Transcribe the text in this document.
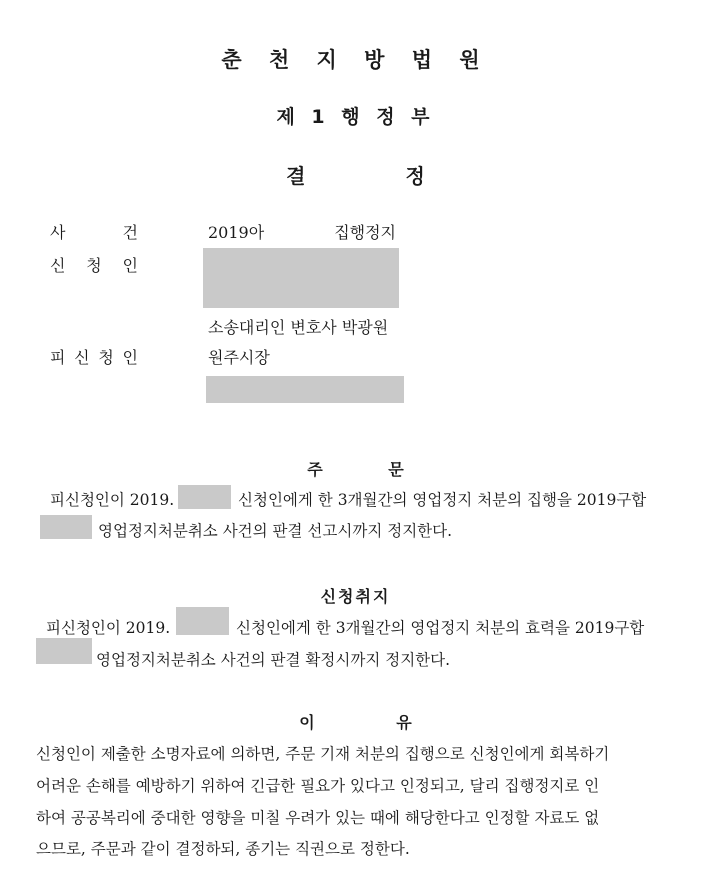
춘 천 지 방 법 원
제 1 행 정 부
결	정
사	건	2019아	집행정지
신 청 인
소송대리인 변호사 박광원
피 신 청 인	원주시장
주 문
피신청인이 2019.	신청인에게 한 3개월간의 영업정지 처분의 집행을 2019구합
영업정지처분취소 사건의 판결 선고시까지 정지한다.
신청취지
피신청인이 2019.	신청인에게 한 3개월간의 영업정지 처분의 효력을 2019구합
영업정지처분취소 사건의 판결 확정시까지 정지한다.
이 유
신청인이 제출한 소명자료에 의하면, 주문 기재 처분의 집행으로 신청인에게 회복하기
어려운 손해를 예방하기 위하여 긴급한 필요가 있다고 인정되고, 달리 집행정지로 인
하여 공공복리에 중대한 영향을 미칠 우려가 있는 때에 해당한다고 인정할 자료도 없
으므로, 주문과 같이 결정하되, 종기는 직권으로 정한다.
